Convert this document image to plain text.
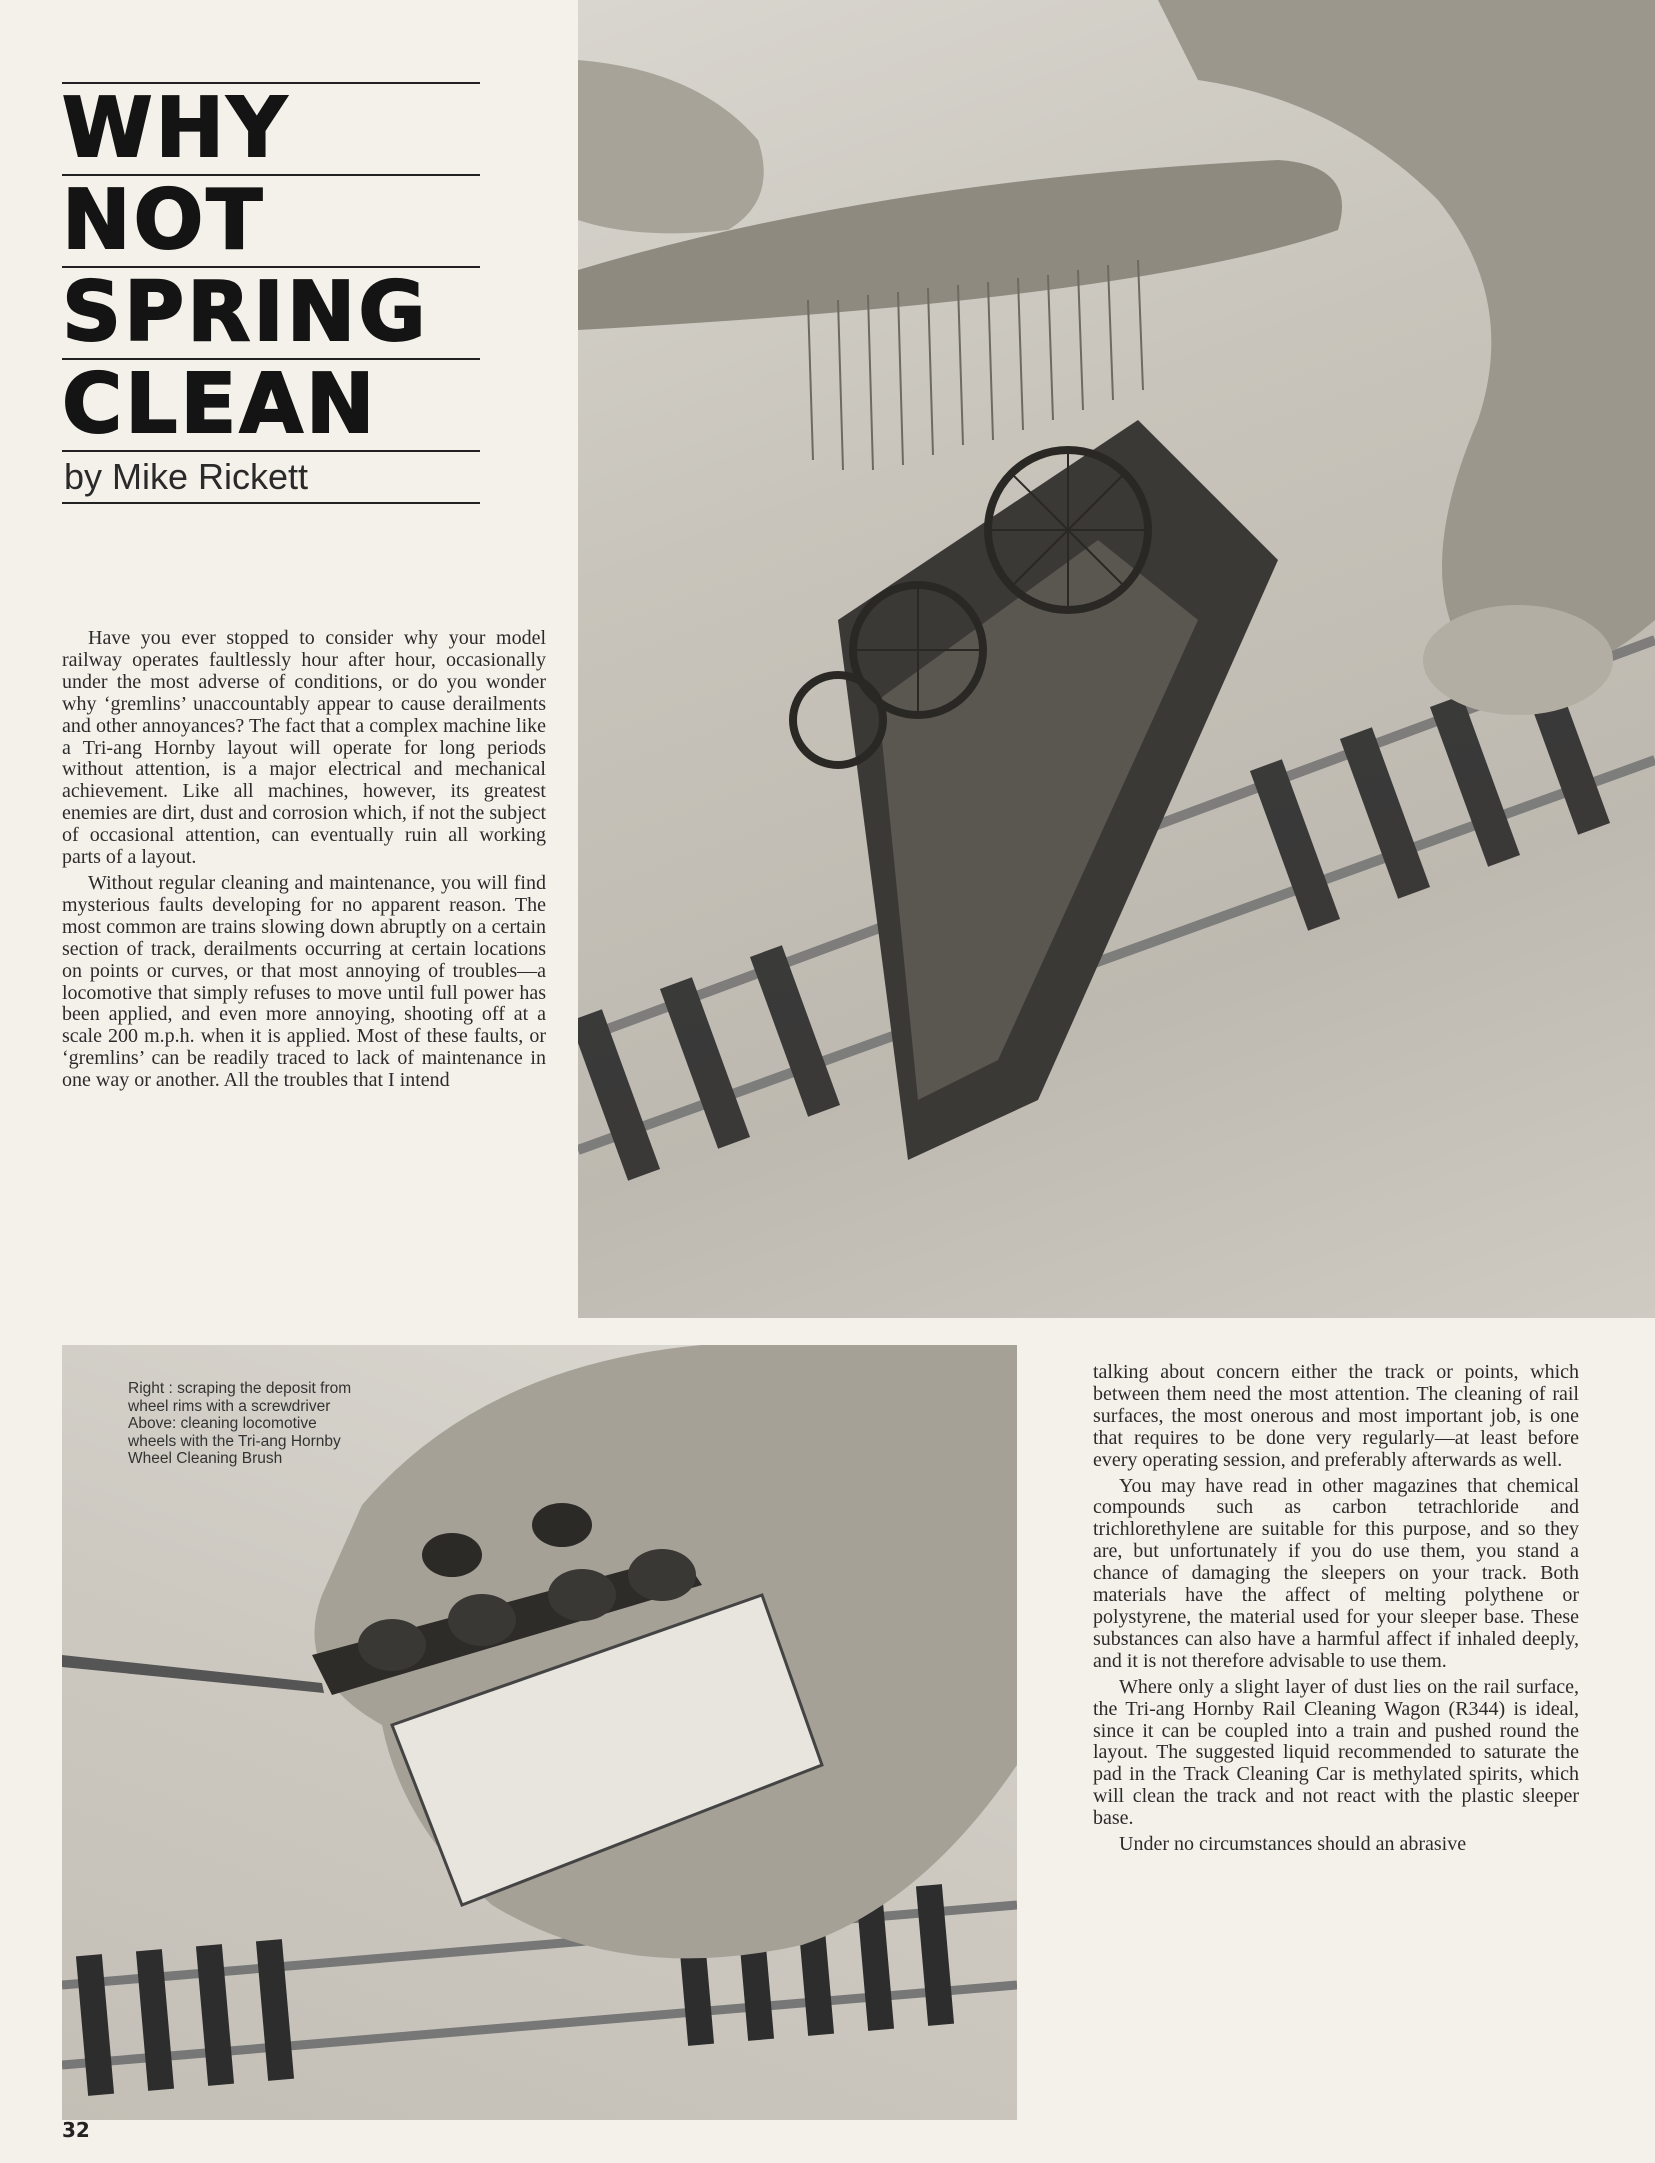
WHY
NOT
SPRING
CLEAN
by Mike Rickett

Have you ever stopped to consider why your model railway operates faultlessly hour after hour, occasionally under the most adverse of conditions, or do you wonder why ‘gremlins’ unaccountably appear to cause derailments and other annoyances? The fact that a complex machine like a Tri-ang Hornby layout will operate for long periods without attention, is a major electrical and mechanical achievement. Like all machines, however, its greatest enemies are dirt, dust and corrosion which, if not the subject of occasional attention, can eventually ruin all working parts of a layout.

Without regular cleaning and maintenance, you will find mysterious faults developing for no apparent reason. The most common are trains slowing down abruptly on a certain section of track, derailments occurring at certain locations on points or curves, or that most annoying of troubles—a locomotive that simply refuses to move until full power has been applied, and even more annoying, shooting off at a scale 200 m.p.h. when it is applied. Most of these faults, or ‘gremlins’ can be readily traced to lack of maintenance in one way or another. All the troubles that I intend

Right : scraping the deposit from
wheel rims with a screwdriver
Above: cleaning locomotive
wheels with the Tri-ang Hornby
Wheel Cleaning Brush

talking about concern either the track or points, which between them need the most attention. The cleaning of rail surfaces, the most onerous and most important job, is one that requires to be done very regularly—at least before every operating session, and preferably afterwards as well.

You may have read in other magazines that chemical compounds such as carbon tetrachloride and trichlorethylene are suitable for this purpose, and so they are, but unfortunately if you do use them, you stand a chance of damaging the sleepers on your track. Both materials have the affect of melting polythene or polystyrene, the material used for your sleeper base. These substances can also have a harmful affect if inhaled deeply, and it is not therefore advisable to use them.

Where only a slight layer of dust lies on the rail surface, the Tri-ang Hornby Rail Cleaning Wagon (R344) is ideal, since it can be coupled into a train and pushed round the layout. The suggested liquid recommended to saturate the pad in the Track Cleaning Car is methylated spirits, which will clean the track and not react with the plastic sleeper base.

Under no circumstances should an abrasive

32
